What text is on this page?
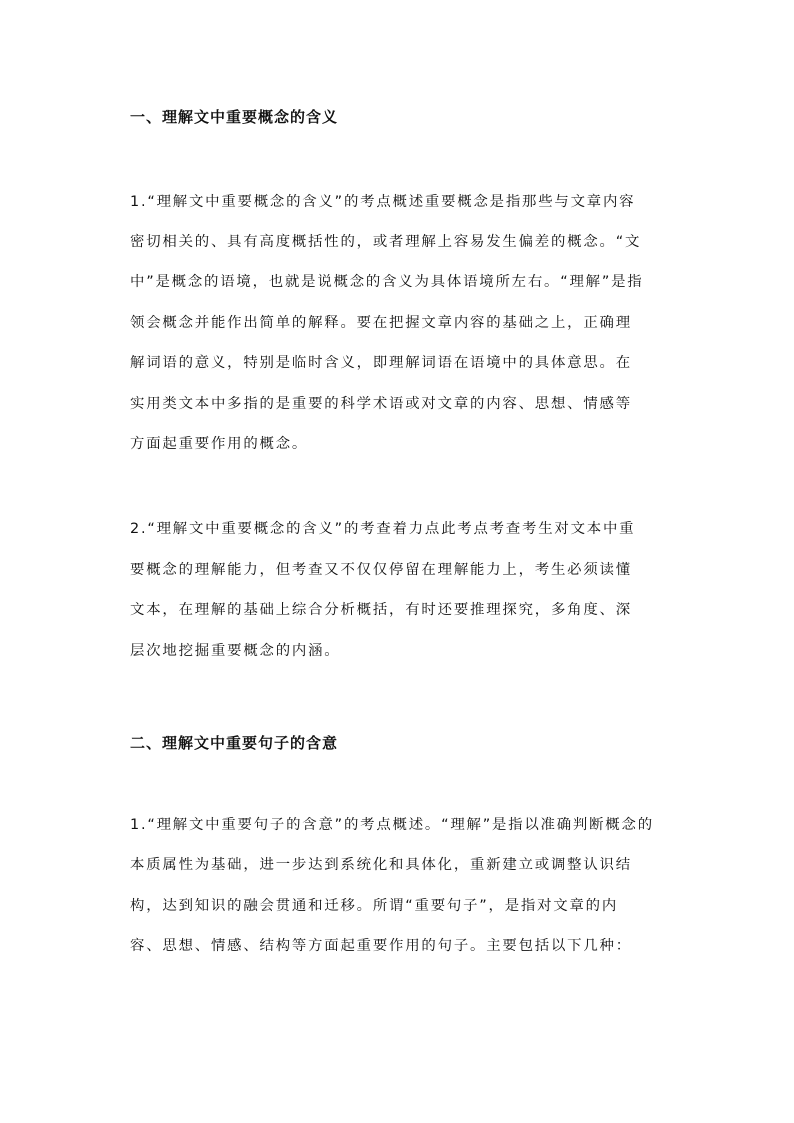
一、理解文中重要概念的含义

1.“理解文中重要概念的含义”的考点概述重要概念是指那些与文章内容

密切相关的、具有高度概括性的，或者理解上容易发生偏差的概念。“文

中”是概念的语境，也就是说概念的含义为具体语境所左右。“理解”是指

领会概念并能作出简单的解释。要在把握文章内容的基础之上，正确理

解词语的意义，特别是临时含义，即理解词语在语境中的具体意思。在

实用类文本中多指的是重要的科学术语或对文章的内容、思想、情感等

方面起重要作用的概念。

2.“理解文中重要概念的含义”的考查着力点此考点考查考生对文本中重

要概念的理解能力，但考查又不仅仅停留在理解能力上，考生必须读懂

文本，在理解的基础上综合分析概括，有时还要推理探究，多角度、深

层次地挖掘重要概念的内涵。

二、理解文中重要句子的含意

1.“理解文中重要句子的含意”的考点概述。“理解”是指以准确判断概念的

本质属性为基础，进一步达到系统化和具体化，重新建立或调整认识结

构，达到知识的融会贯通和迁移。所谓“重要句子”，是指对文章的内

容、思想、情感、结构等方面起重要作用的句子。主要包括以下几种：
